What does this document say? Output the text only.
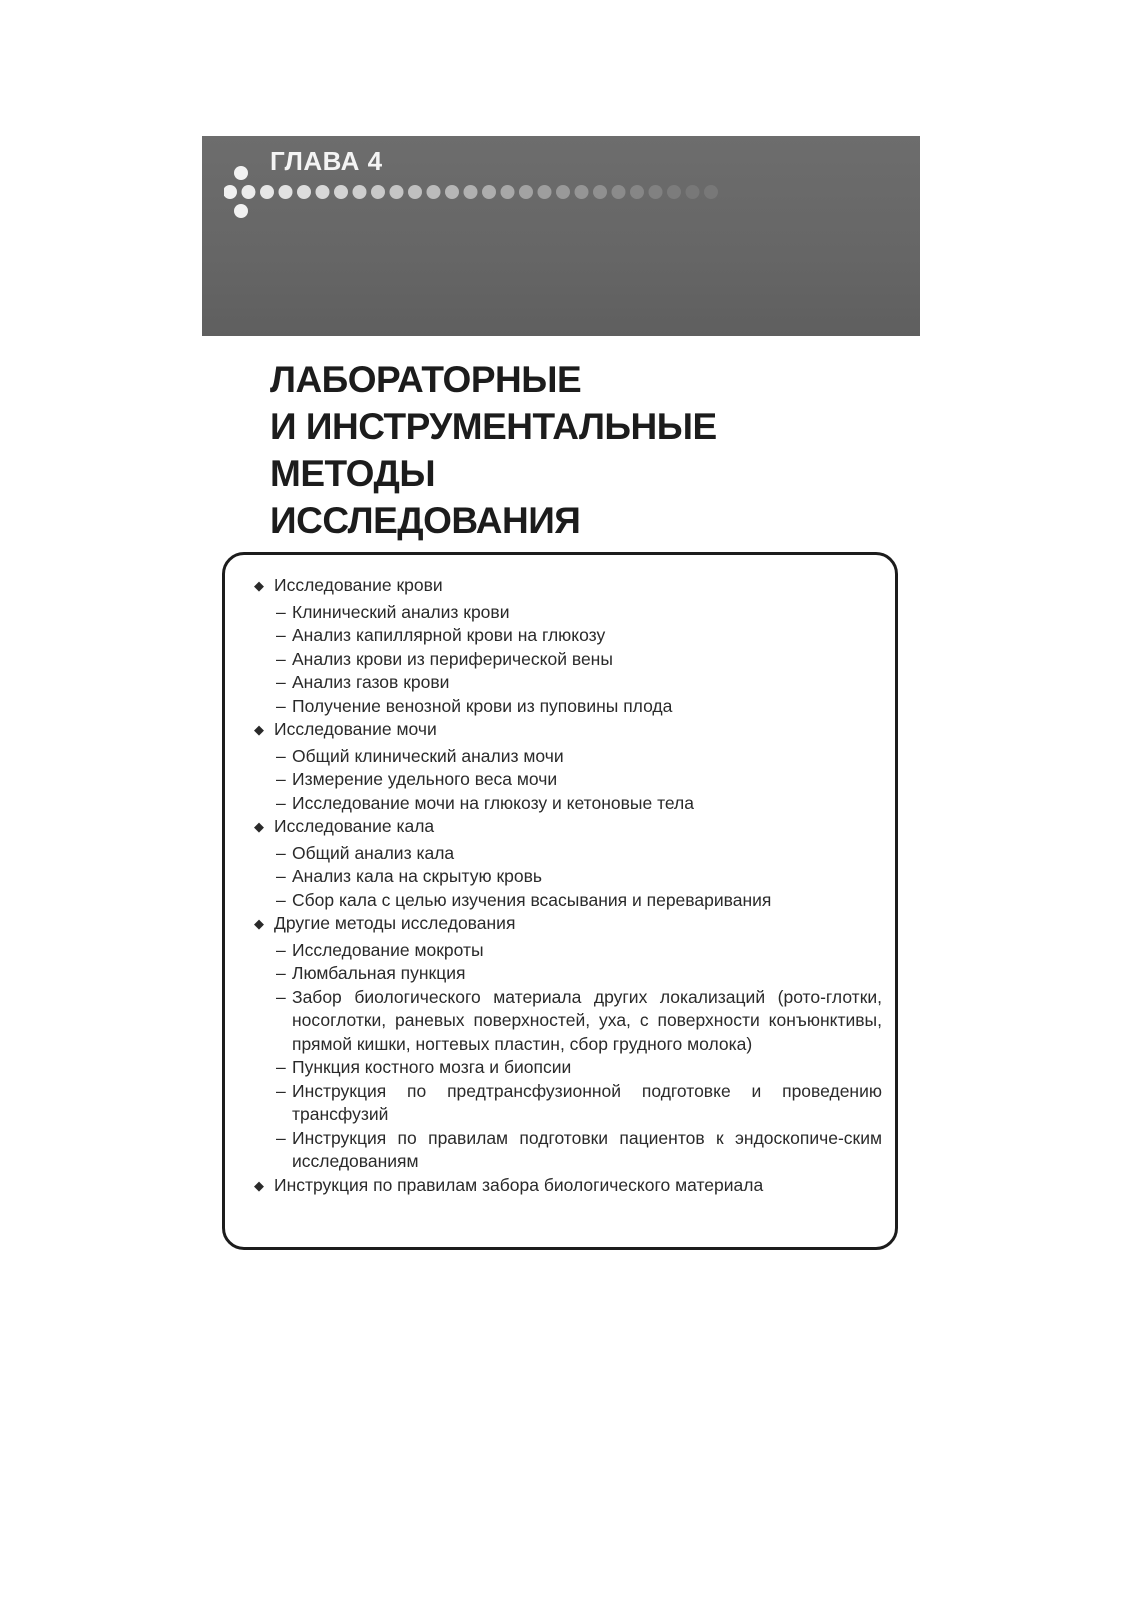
ГЛАВА 4
ЛАБОРАТОРНЫЕ
И ИНСТРУМЕНТАЛЬНЫЕ МЕТОДЫ
ИССЛЕДОВАНИЯ
◆ Исследование крови
– Клинический анализ крови
– Анализ капиллярной крови на глюкозу
– Анализ крови из периферической вены
– Анализ газов крови
– Получение венозной крови из пуповины плода
◆ Исследование мочи
– Общий клинический анализ мочи
– Измерение удельного веса мочи
– Исследование мочи на глюкозу и кетоновые тела
◆ Исследование кала
– Общий анализ кала
– Анализ кала на скрытую кровь
– Сбор кала с целью изучения всасывания и переваривания
◆ Другие методы исследования
– Исследование мокроты
– Люмбальная пункция
– Забор биологического материала других локализаций (рото-глотки, носоглотки, раневых поверхностей, уха, с поверхности конъюнктивы, прямой кишки, ногтевых пластин, сбор грудного молока)
– Пункция костного мозга и биопсии
– Инструкция по предтрансфузионной подготовке и проведению трансфузий
– Инструкция по правилам подготовки пациентов к эндоскопиче-ским исследованиям
◆ Инструкция по правилам забора биологического материала
